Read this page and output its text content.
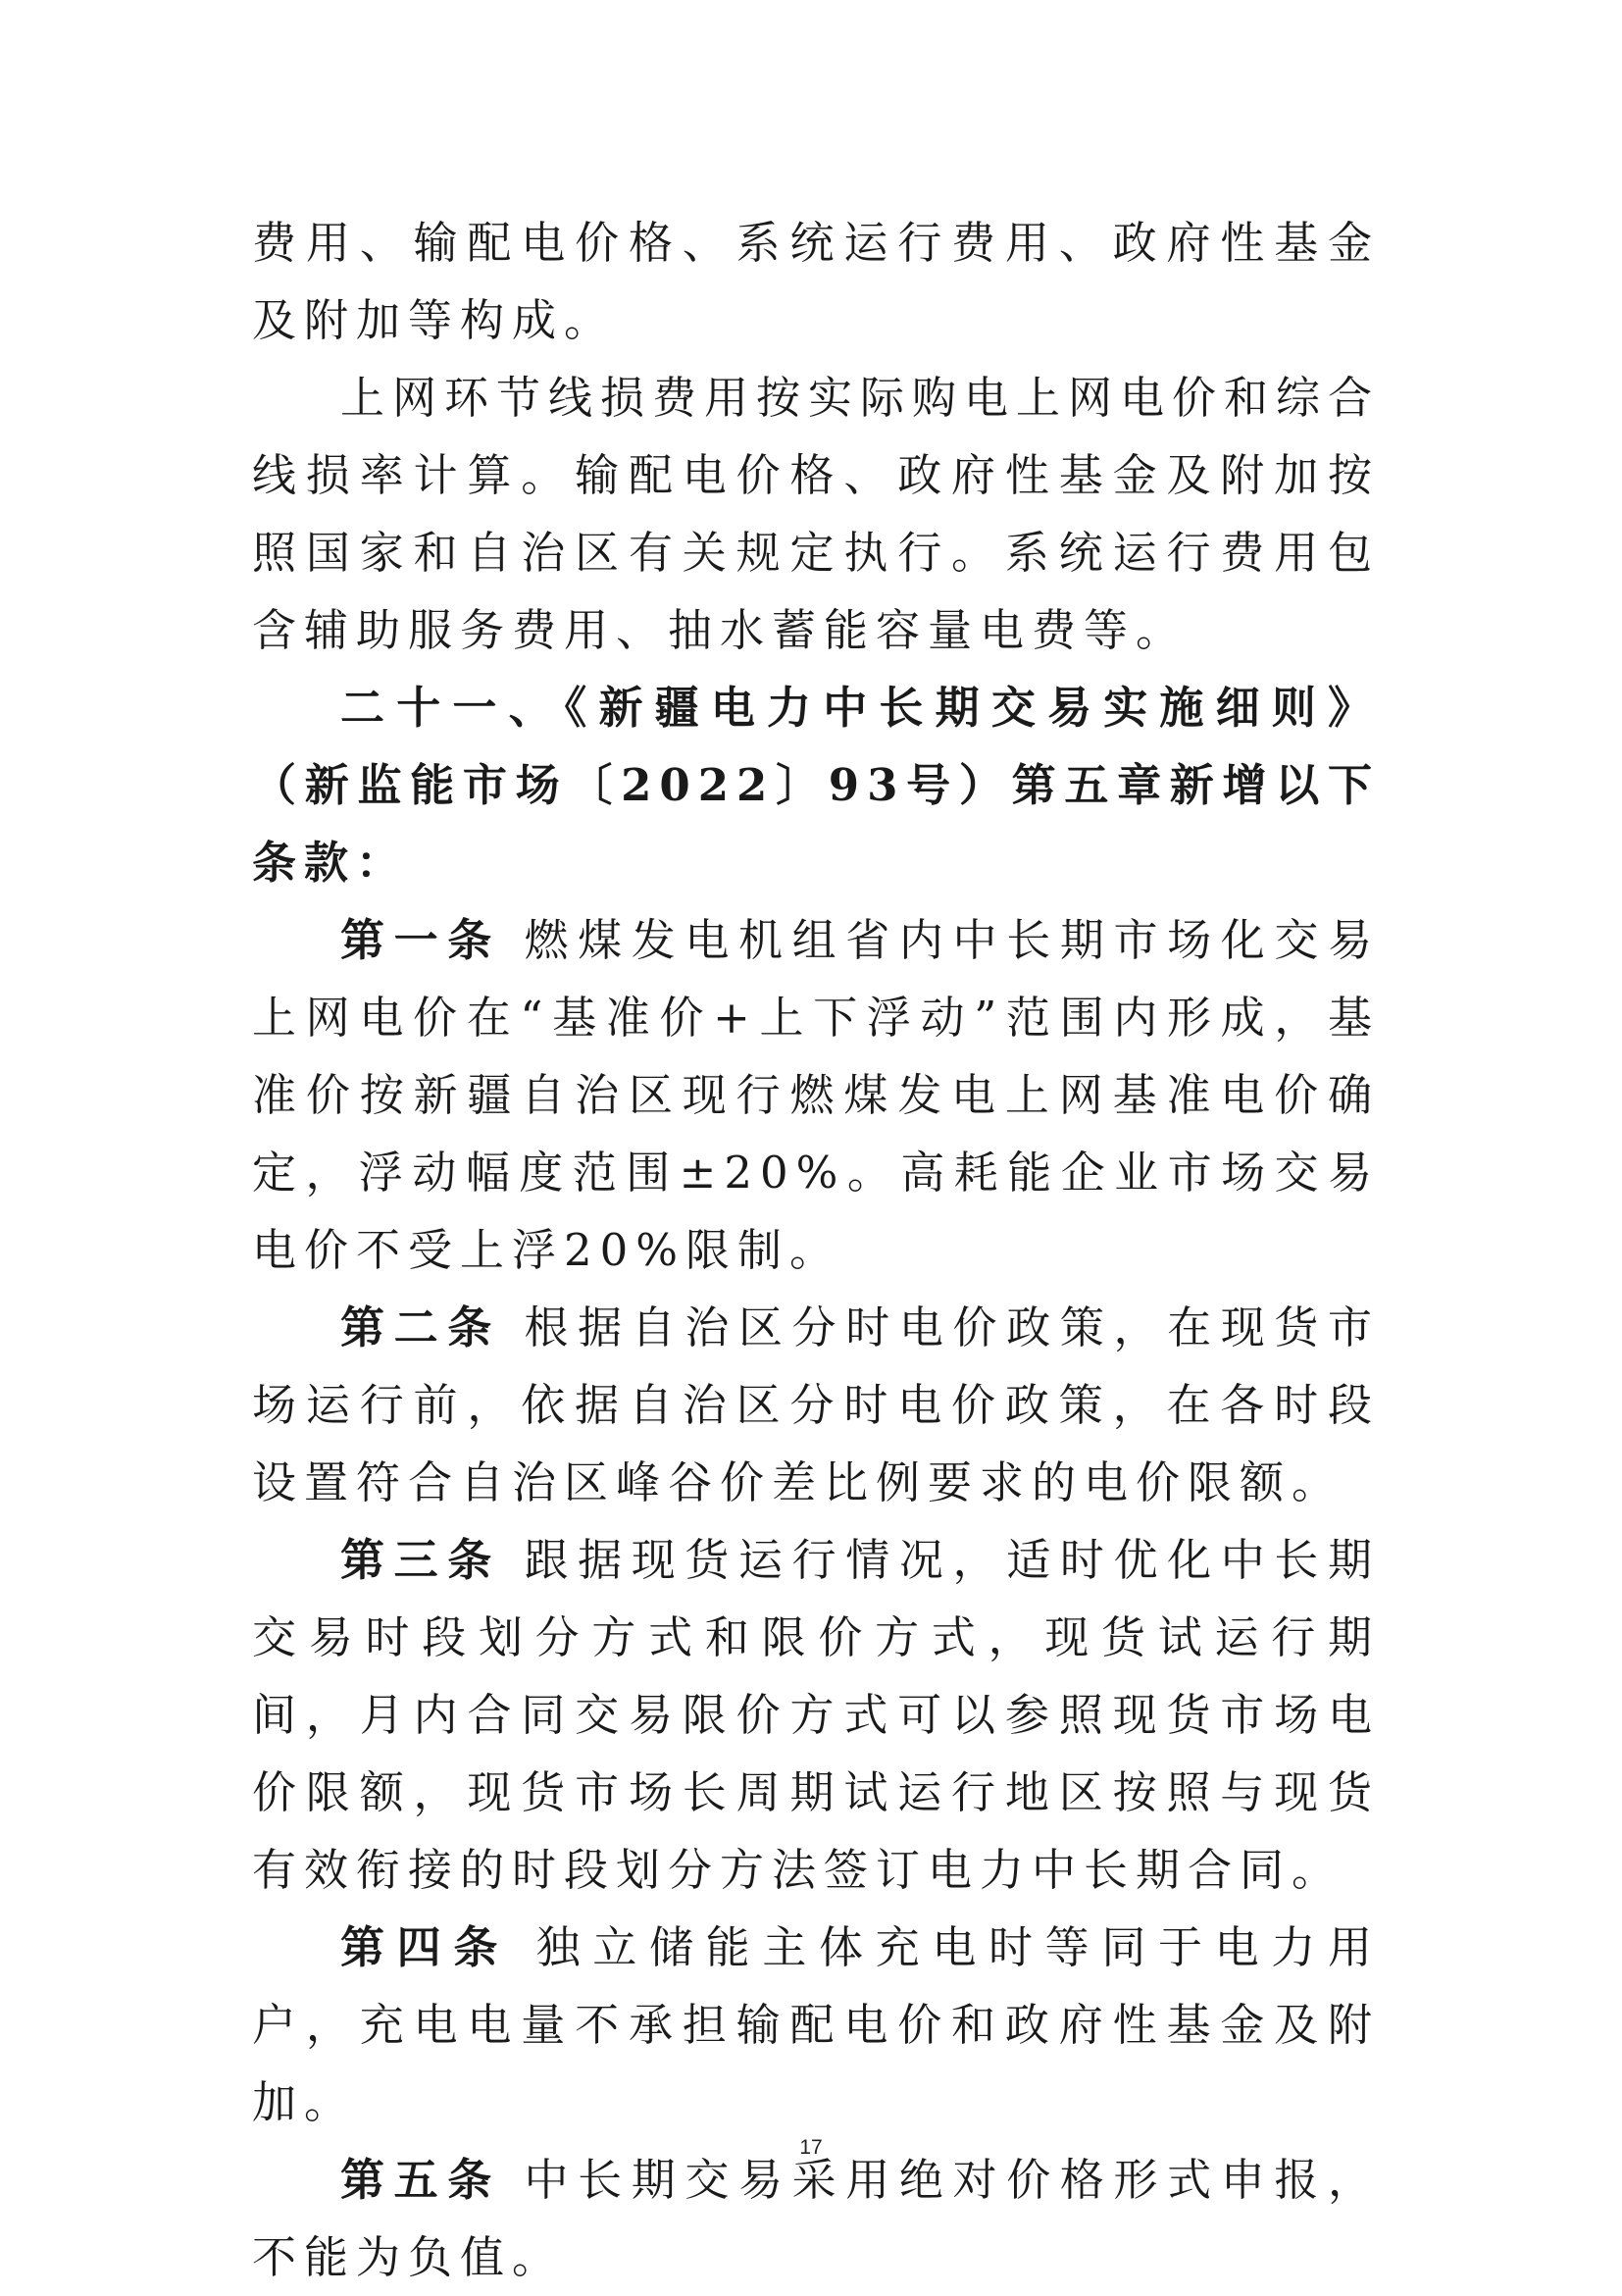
费用、输配电价格、系统运行费用、政府性基金及附加等构成。

上网环节线损费用按实际购电上网电价和综合线损率计算。输配电价格、政府性基金及附加按照国家和自治区有关规定执行。系统运行费用包含辅助服务费用、抽水蓄能容量电费等。

二十一、《新疆电力中长期交易实施细则》（新监能市场〔2022〕93号）第五章新增以下条款：

第一条 燃煤发电机组省内中长期市场化交易上网电价在“基准价+上下浮动”范围内形成，基准价按新疆自治区现行燃煤发电上网基准电价确定，浮动幅度范围±20%。高耗能企业市场交易电价不受上浮20%限制。

第二条 根据自治区分时电价政策，在现货市场运行前，依据自治区分时电价政策，在各时段设置符合自治区峰谷价差比例要求的电价限额。

第三条 跟据现货运行情况，适时优化中长期交易时段划分方式和限价方式，现货试运行期间，月内合同交易限价方式可以参照现货市场电价限额，现货市场长周期试运行地区按照与现货有效衔接的时段划分方法签订电力中长期合同。

第四条 独立储能主体充电时等同于电力用户，充电电量不承担输配电价和政府性基金及附加。

第五条 中长期交易采用绝对价格形式申报，不能为负值。

17
